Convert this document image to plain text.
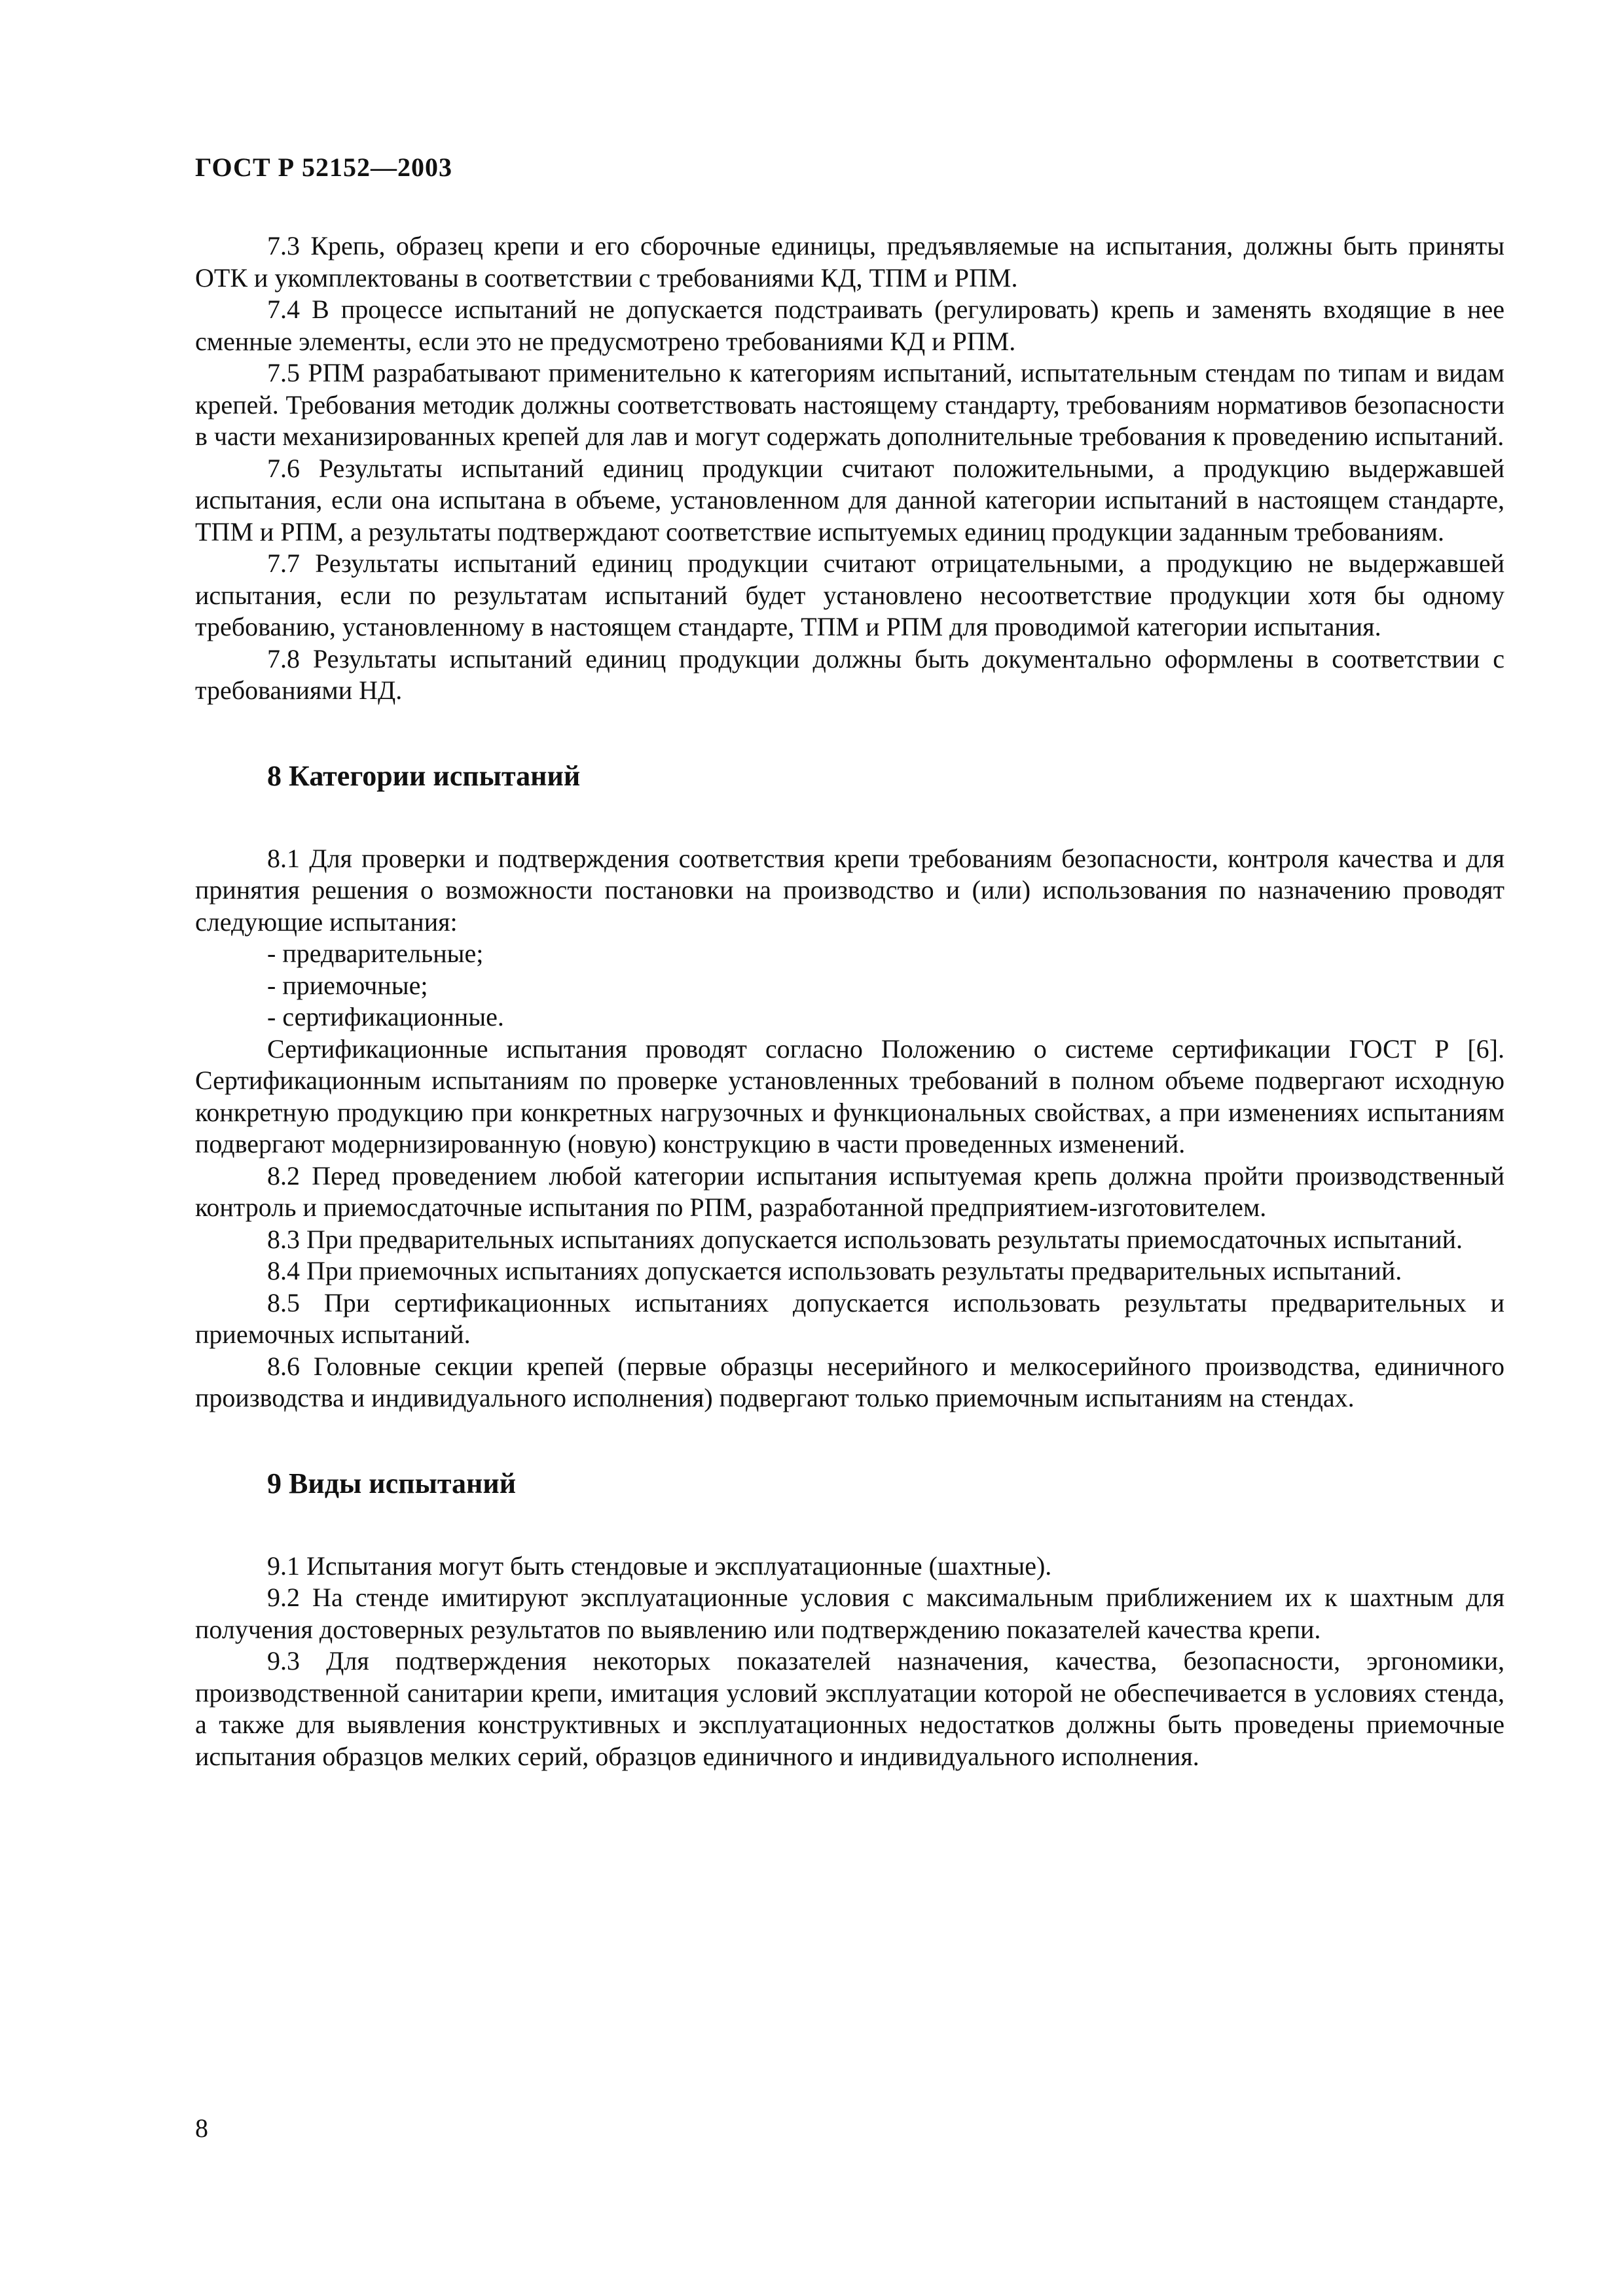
ГОСТ Р 52152—2003

7.3 Крепь, образец крепи и его сборочные единицы, предъявляемые на испытания, должны быть приняты ОТК и укомплектованы в соответствии с требованиями КД, ТПМ и РПМ.

7.4 В процессе испытаний не допускается подстраивать (регулировать) крепь и заменять входящие в нее сменные элементы, если это не предусмотрено требованиями КД и РПМ.

7.5 РПМ разрабатывают применительно к категориям испытаний, испытательным стендам по типам и видам крепей. Требования методик должны соответствовать настоящему стандарту, требованиям нормативов безопасности в части механизированных крепей для лав и могут содержать дополнительные требования к проведению испытаний.

7.6 Результаты испытаний единиц продукции считают положительными, а продукцию выдержавшей испытания, если она испытана в объеме, установленном для данной категории испытаний в настоящем стандарте, ТПМ и РПМ, а результаты подтверждают соответствие испытуемых единиц продукции заданным требованиям.

7.7 Результаты испытаний единиц продукции считают отрицательными, а продукцию не выдержавшей испытания, если по результатам испытаний будет установлено несоответствие продукции хотя бы одному требованию, установленному в настоящем стандарте, ТПМ и РПМ для проводимой категории испытания.

7.8 Результаты испытаний единиц продукции должны быть документально оформлены в соответствии с требованиями НД.

8 Категории испытаний

8.1 Для проверки и подтверждения соответствия крепи требованиям безопасности, контроля качества и для принятия решения о возможности постановки на производство и (или) использования по назначению проводят следующие испытания:

- предварительные;

- приемочные;

- сертификационные.

Сертификационные испытания проводят согласно Положению о системе сертификации ГОСТ Р [6]. Сертификационным испытаниям по проверке установленных требований в полном объеме подвергают исходную конкретную продукцию при конкретных нагрузочных и функциональных свойствах, а при изменениях испытаниям подвергают модернизированную (новую) конструкцию в части проведенных изменений.

8.2 Перед проведением любой категории испытания испытуемая крепь должна пройти производственный контроль и приемосдаточные испытания по РПМ, разработанной предприятием-изготовителем.

8.3 При предварительных испытаниях допускается использовать результаты приемосдаточных испытаний.

8.4 При приемочных испытаниях допускается использовать результаты предварительных испытаний.

8.5 При сертификационных испытаниях допускается использовать результаты предварительных и приемочных испытаний.

8.6 Головные секции крепей (первые образцы несерийного и мелкосерийного производства, единичного производства и индивидуального исполнения) подвергают только приемочным испытаниям на стендах.

9 Виды испытаний

9.1 Испытания могут быть стендовые и эксплуатационные (шахтные).

9.2 На стенде имитируют эксплуатационные условия с максимальным приближением их к шахтным для получения достоверных результатов по выявлению или подтверждению показателей качества крепи.

9.3 Для подтверждения некоторых показателей назначения, качества, безопасности, эргономики, производственной санитарии крепи, имитация условий эксплуатации которой не обеспечивается в условиях стенда, а также для выявления конструктивных и эксплуатационных недостатков должны быть проведены приемочные испытания образцов мелких серий, образцов единичного и индивидуального исполнения.

8
